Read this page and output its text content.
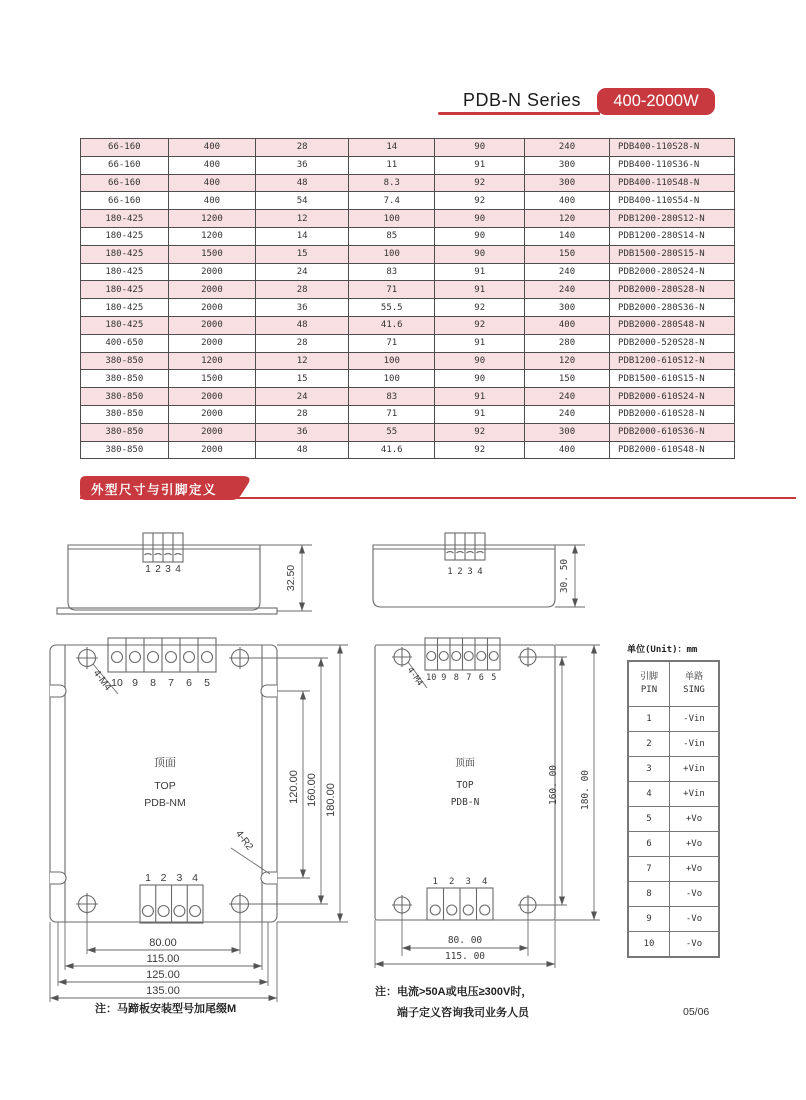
PDB-N Series	400-2000W
66-160	400	28	14	90	240	PDB400-110S28-N
66-160	400	36	11	91	300	PDB400-110S36-N
66-160	400	48	8.3	92	300	PDB400-110S48-N
66-160	400	54	7.4	92	400	PDB400-110S54-N
180-425	1200	12	100	90	120	PDB1200-280S12-N
180-425	1200	14	85	90	140	PDB1200-280S14-N
180-425	1500	15	100	90	150	PDB1500-280S15-N
180-425	2000	24	83	91	240	PDB2000-280S24-N
180-425	2000	28	71	91	240	PDB2000-280S28-N
180-425	2000	36	55.5	92	300	PDB2000-280S36-N
180-425	2000	48	41.6	92	400	PDB2000-280S48-N
400-650	2000	28	71	91	280	PDB2000-520S28-N
380-850	1200	12	100	90	120	PDB1200-610S12-N
380-850	1500	15	100	90	150	PDB1500-610S15-N
380-850	2000	24	83	91	240	PDB2000-610S24-N
380-850	2000	28	71	91	240	PDB2000-610S28-N
380-850	2000	36	55	92	300	PDB2000-610S36-N
380-850	2000	48	41.6	92	400	PDB2000-610S48-N
外型尺寸与引脚定义
1 2 3 4	32.50	1 2 3 4	30. 50
10 9 8 7 6 5
4-M4
4-R2
顶面
TOP
PDB-NM
1 2 3 4
80.00
115.00
125.00
135.00
120.00 160.00 180.00
10 9 8 7 6 5
4-M4
顶面
TOP
PDB-N
1 2 3 4
80. 00
115. 00
160. 00 180. 00
单位(Unit)：mm
引脚
PIN	单路
SING

1	-Vin
2	-Vin
3	+Vin
4	+Vin
5	+Vo
6	+Vo
7	+Vo
8	-Vo
9	-Vo
10	-Vo
注：马蹄板安装型号加尾缀M
注：电流>50A或电压≥300V时，
端子定义咨询我司业务人员	05/06
